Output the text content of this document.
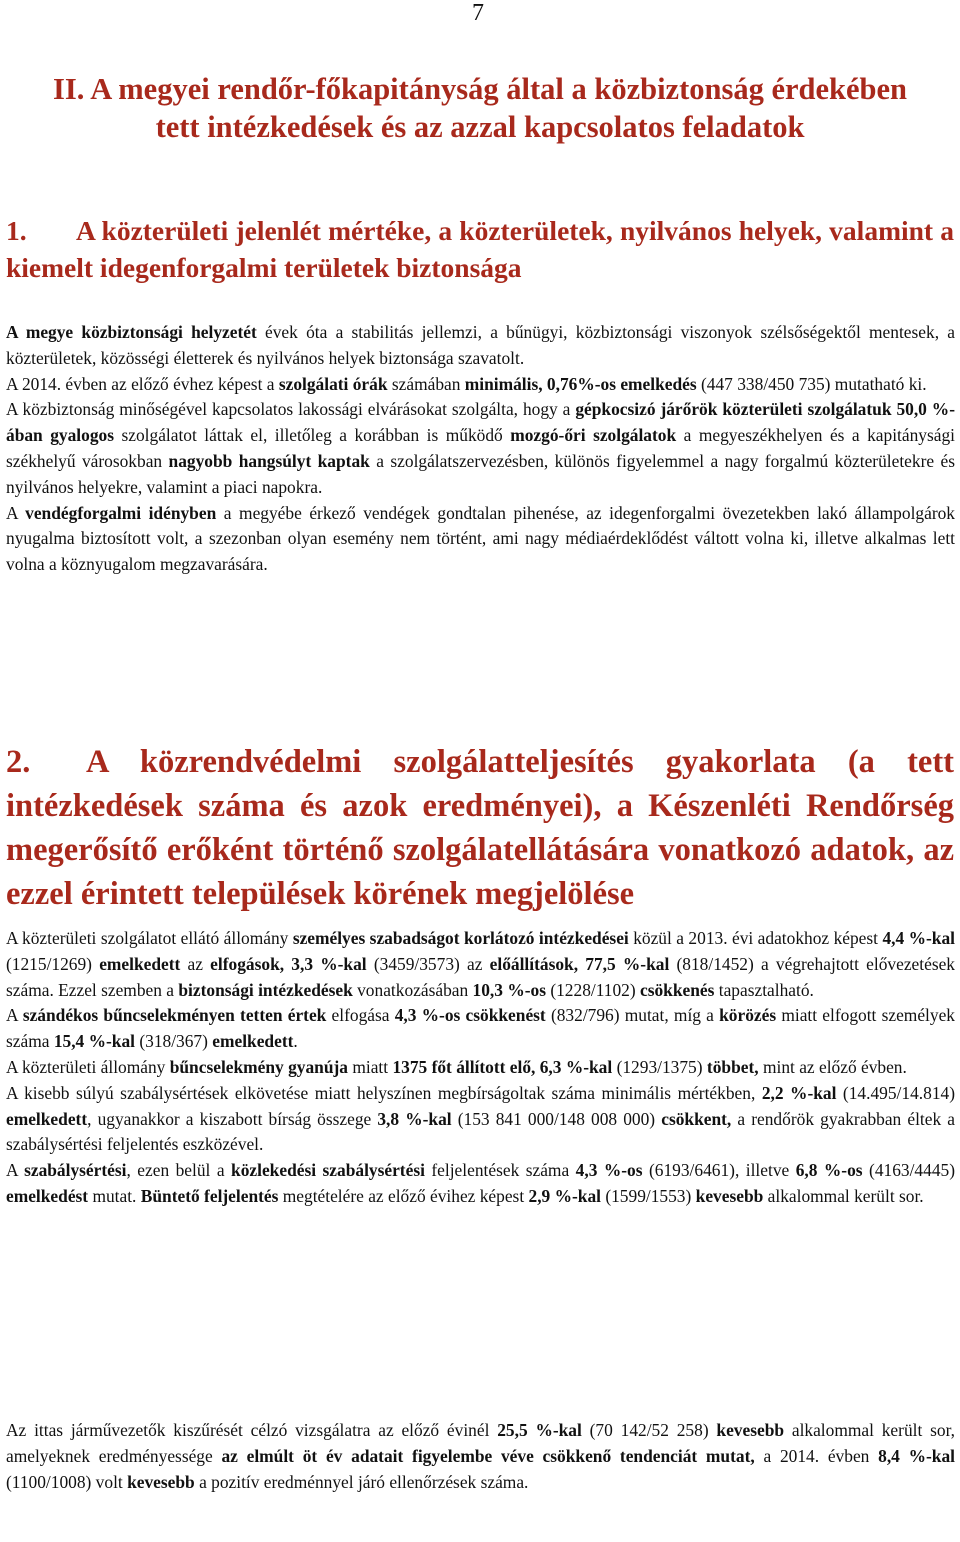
7
II. A megyei rendőr-főkapitányság által a közbiztonság érdekében
tett intézkedések és az azzal kapcsolatos feladatok
1. A közterületi jelenlét mértéke, a közterületek, nyilvános helyek, valamint a kiemelt idegenforgalmi területek biztonsága

A megye közbiztonsági helyzetét évek óta a stabilitás jellemzi, a bűnügyi, közbiztonsági viszonyok szélsőségektől mentesek, a közterületek, közösségi életterek és nyilvános helyek biztonsága szavatolt.

A 2014. évben az előző évhez képest a szolgálati órák számában minimális, 0,76%-os emelkedés (447 338/450 735) mutatható ki.

A közbiztonság minőségével kapcsolatos lakossági elvárásokat szolgálta, hogy a gépkocsizó járőrök közterületi szolgálatuk 50,0 %-ában gyalogos szolgálatot láttak el, illetőleg a korábban is működő mozgó-őri szolgálatok a megyeszékhelyen és a kapitánysági székhelyű városokban nagyobb hangsúlyt kaptak a szolgálatszervezésben, különös figyelemmel a nagy forgalmú közterületekre és nyilvános helyekre, valamint a piaci napokra.

A vendégforgalmi idényben a megyébe érkező vendégek gondtalan pihenése, az idegenforgalmi övezetekben lakó állampolgárok nyugalma biztosított volt, a szezonban olyan esemény nem történt, ami nagy médiaérdeklődést váltott volna ki, illetve alkalmas lett volna a köznyugalom megzavarására.

2. A közrendvédelmi szolgálatteljesítés gyakorlata (a tett intézkedések száma és azok eredményei), a Készenléti Rendőrség megerősítő erőként történő szolgálatellátására vonatkozó adatok, az ezzel érintett települések körének megjelölése

A közterületi szolgálatot ellátó állomány személyes szabadságot korlátozó intézkedései közül a 2013. évi adatokhoz képest 4,4 %-kal (1215/1269) emelkedett az elfogások, 3,3 %-kal (3459/3573) az előállítások, 77,5 %-kal (818/1452) a végrehajtott elővezetések száma. Ezzel szemben a biztonsági intézkedések vonatkozásában 10,3 %-os (1228/1102) csökkenés tapasztalható.

A szándékos bűncselekményen tetten értek elfogása 4,3 %-os csökkenést (832/796) mutat, míg a körözés miatt elfogott személyek száma 15,4 %-kal (318/367) emelkedett.

A közterületi állomány bűncselekmény gyanúja miatt 1375 főt állított elő, 6,3 %-kal (1293/1375) többet, mint az előző évben.

A kisebb súlyú szabálysértések elkövetése miatt helyszínen megbírságoltak száma minimális mértékben, 2,2 %-kal (14.495/14.814) emelkedett, ugyanakkor a kiszabott bírság összege 3,8 %-kal (153 841 000/148 008 000) csökkent, a rendőrök gyakrabban éltek a szabálysértési feljelentés eszközével.

A szabálysértési, ezen belül a közlekedési szabálysértési feljelentések száma 4,3 %-os (6193/6461), illetve 6,8 %-os (4163/4445) emelkedést mutat. Büntető feljelentés megtételére az előző évihez képest 2,9 %-kal (1599/1553) kevesebb alkalommal került sor.

Az ittas járművezetők kiszűrését célzó vizsgálatra az előző évinél 25,5 %-kal (70 142/52 258) kevesebb alkalommal került sor, amelyeknek eredményessége az elmúlt öt év adatait figyelembe véve csökkenő tendenciát mutat, a 2014. évben 8,4 %-kal (1100/1008) volt kevesebb a pozitív eredménnyel járó ellenőrzések száma.
